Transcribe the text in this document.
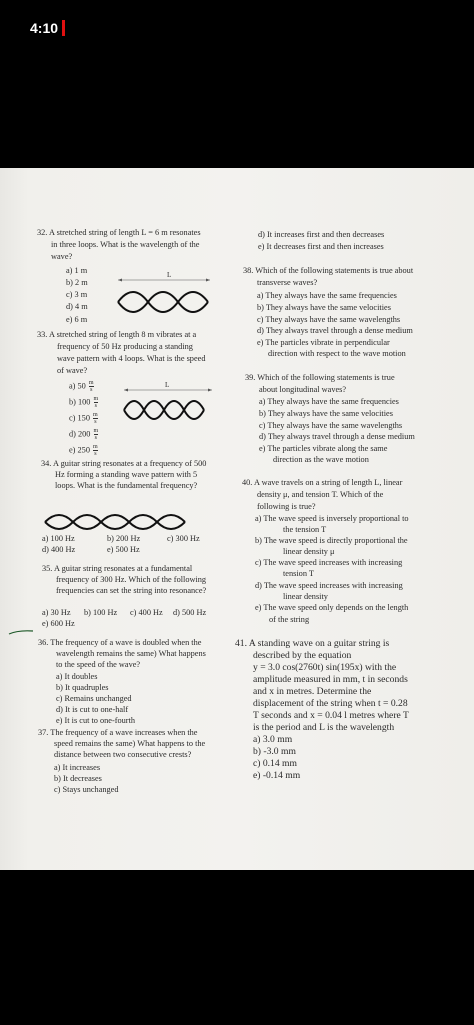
4:10
32. A stretched string of length L = 6 m resonates
in three loops. What is the wavelength of the
wave?
a) 1 m
b) 2 m
c) 3 m
d) 4 m
e) 6 m
L
33. A stretched string of length 8 m vibrates at a
frequency of 50 Hz producing a standing
wave pattern with 4 loops. What is the speed
of wave?
a) $50 \frac{m}{s}$
b) $100 \frac{m}{s}$
c) $150 \frac{m}{s}$
d) $200 \frac{m}{s}$
e) $250 \frac{m}{s}$
L
34. A guitar string resonates at a frequency of 500
Hz forming a standing wave pattern with 5
loops. What is the fundamental frequency?
a) 100 Hz	b) 200 Hz	c) 300 Hz
d) 400 Hz	e) 500 Hz
35. A guitar string resonates at a fundamental
frequency of 300 Hz. Which of the following
frequencies can set the string into resonance?
a) 30 Hz b) 100 Hz c) 400 Hz d) 500 Hz
e) 600 Hz
36. The frequency of a wave is doubled when the
wavelength remains the same) What happens
to the speed of the wave?
a) It doubles
b) It quadruples
c) Remains unchanged
d) It is cut to one-half
e) It is cut to one-fourth
37. The frequency of a wave increases when the
speed remains the same) What happens to the
distance between two consecutive crests?
a) It increases
b) It decreases
c) Stays unchanged
d) It increases first and then decreases
e) It decreases first and then increases
38. Which of the following statements is true about
transverse waves?
a) They always have the same frequencies
b) They always have the same velocities
c) They always have the same wavelengths
d) They always travel through a dense medium
e) The particles vibrate in perpendicular
direction with respect to the wave motion
39. Which of the following statements is true
about longitudinal waves?
a) They always have the same frequencies
b) They always have the same velocities
c) They always have the same wavelengths
d) They always travel through a dense medium
e) The particles vibrate along the same
direction as the wave motion
40. A wave travels on a string of length L, linear
density μ, and tension T. Which of the
following is true?
a) The wave speed is inversely proportional to
the tension T
b) The wave speed is directly proportional the
linear density μ
c) The wave speed increases with increasing
tension T
d) The wave speed increases with increasing
linear density
e) The wave speed only depends on the length
of the string
41. A standing wave on a guitar string is
described by the equation
y = 3.0 cos(2760t) sin(195x) with the
amplitude measured in mm, t in seconds
and x in metres. Determine the
displacement of the string when t = 0.28
T seconds and x = 0.04 l metres where T
is the period and L is the wavelength
a) 3.0 mm
b) -3.0 mm
c) 0.14 mm
e) -0.14 mm
